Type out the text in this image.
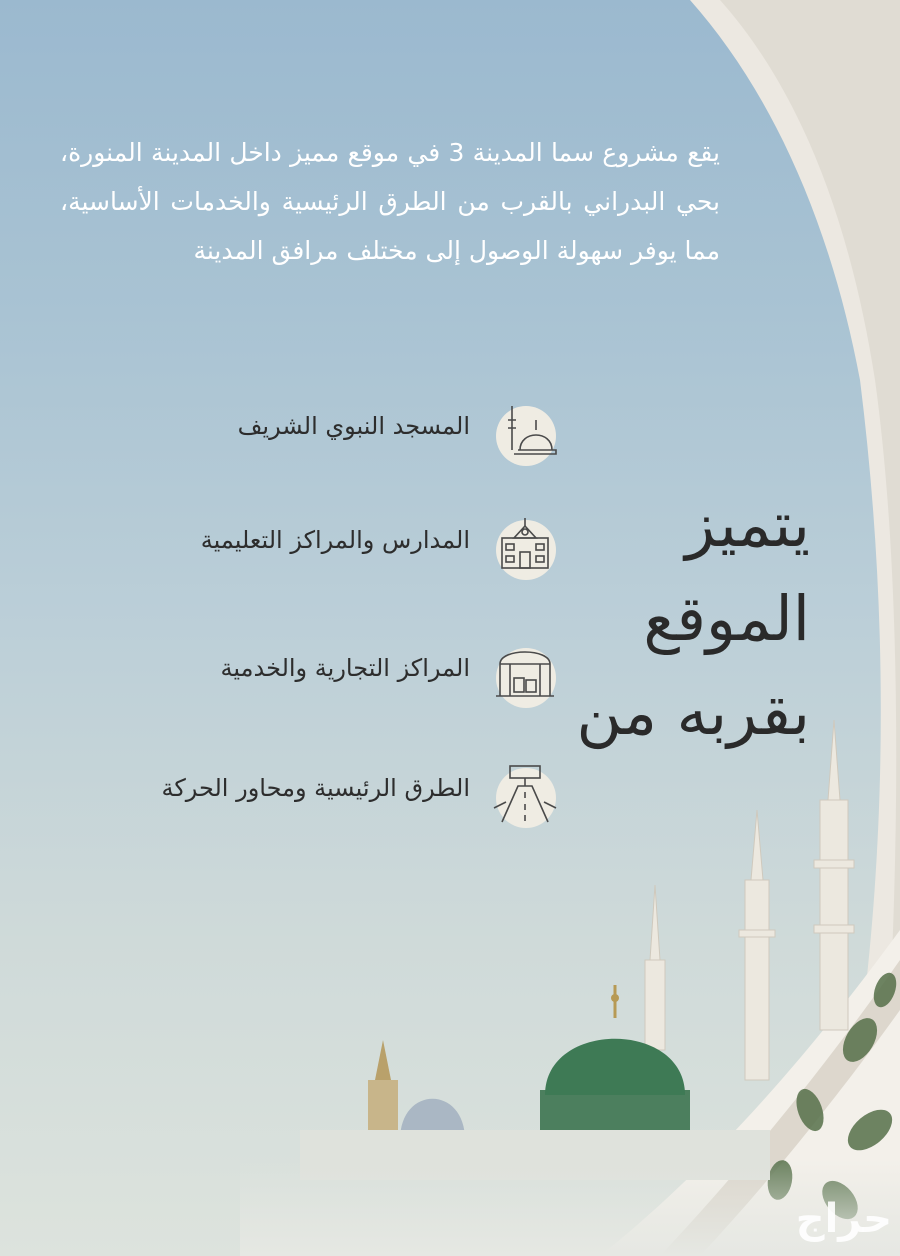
يقع مشروع سما المدينة 3 في موقع مميز داخل المدينة المنورة، بحي البدراني بالقرب من الطرق الرئيسية والخدمات الأساسية، مما يوفر سهولة الوصول إلى مختلف مرافق المدينة

يتميز
الموقع
بقربه من
المسجد النبوي الشريف
المدارس والمراكز التعليمية
المراكز التجارية والخدمية
الطرق الرئيسية ومحاور الحركة
حراج
